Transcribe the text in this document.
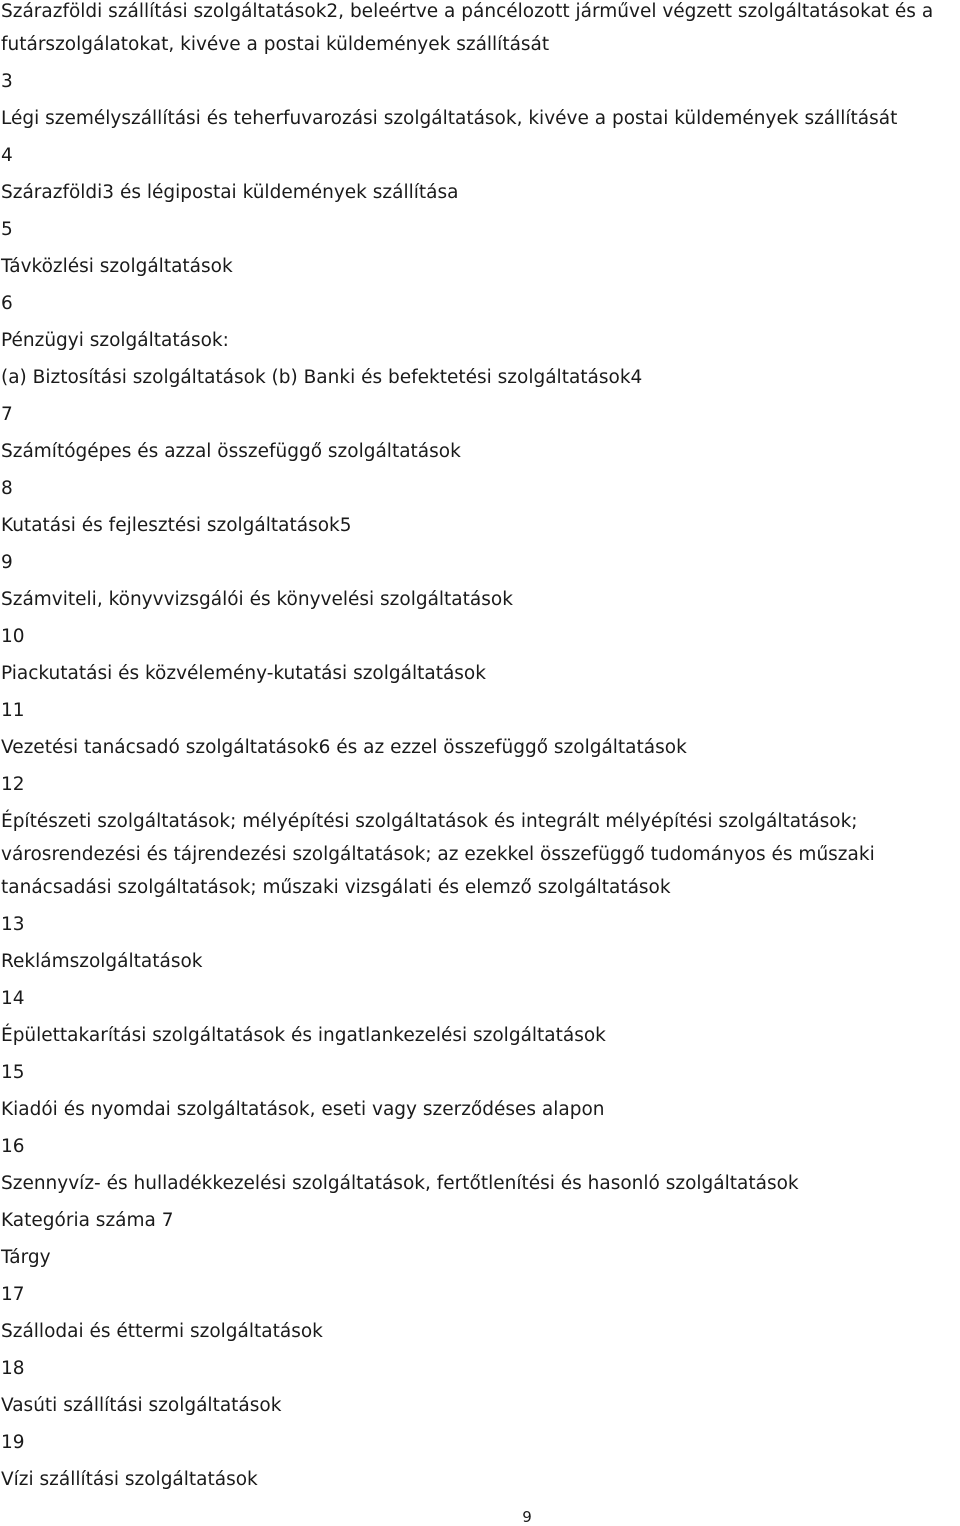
Szárazföldi szállítási szolgáltatások2, beleértve a páncélozott járművel végzett szolgáltatásokat és a

futárszolgálatokat, kivéve a postai küldemények szállítását

3

Légi személyszállítási és teherfuvarozási szolgáltatások, kivéve a postai küldemények szállítását

4

Szárazföldi3 és légipostai küldemények szállítása

5

Távközlési szolgáltatások

6

Pénzügyi szolgáltatások:

(a) Biztosítási szolgáltatások (b) Banki és befektetési szolgáltatások4

7

Számítógépes és azzal összefüggő szolgáltatások

8

Kutatási és fejlesztési szolgáltatások5

9

Számviteli, könyvvizsgálói és könyvelési szolgáltatások

10

Piackutatási és közvélemény-kutatási szolgáltatások

11

Vezetési tanácsadó szolgáltatások6 és az ezzel összefüggő szolgáltatások

12

Építészeti szolgáltatások; mélyépítési szolgáltatások és integrált mélyépítési szolgáltatások;

városrendezési és tájrendezési szolgáltatások; az ezekkel összefüggő tudományos és műszaki

tanácsadási szolgáltatások; műszaki vizsgálati és elemző szolgáltatások

13

Reklámszolgáltatások

14

Épülettakarítási szolgáltatások és ingatlankezelési szolgáltatások

15

Kiadói és nyomdai szolgáltatások, eseti vagy szerződéses alapon

16

Szennyvíz- és hulladékkezelési szolgáltatások, fertőtlenítési és hasonló szolgáltatások

Kategória száma 7

Tárgy

17

Szállodai és éttermi szolgáltatások

18

Vasúti szállítási szolgáltatások

19

Vízi szállítási szolgáltatások

9
